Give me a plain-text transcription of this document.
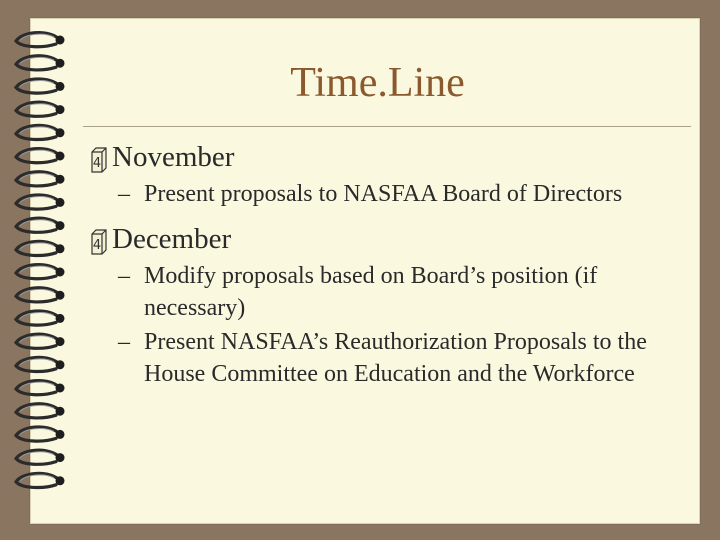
Time.Line
4 November
– Present proposals to NASFAA Board of Directors
4 December
– Modify proposals based on Board’s position (if necessary)
– Present NASFAA’s Reauthorization Proposals to the House Committee on Education and the Workforce
